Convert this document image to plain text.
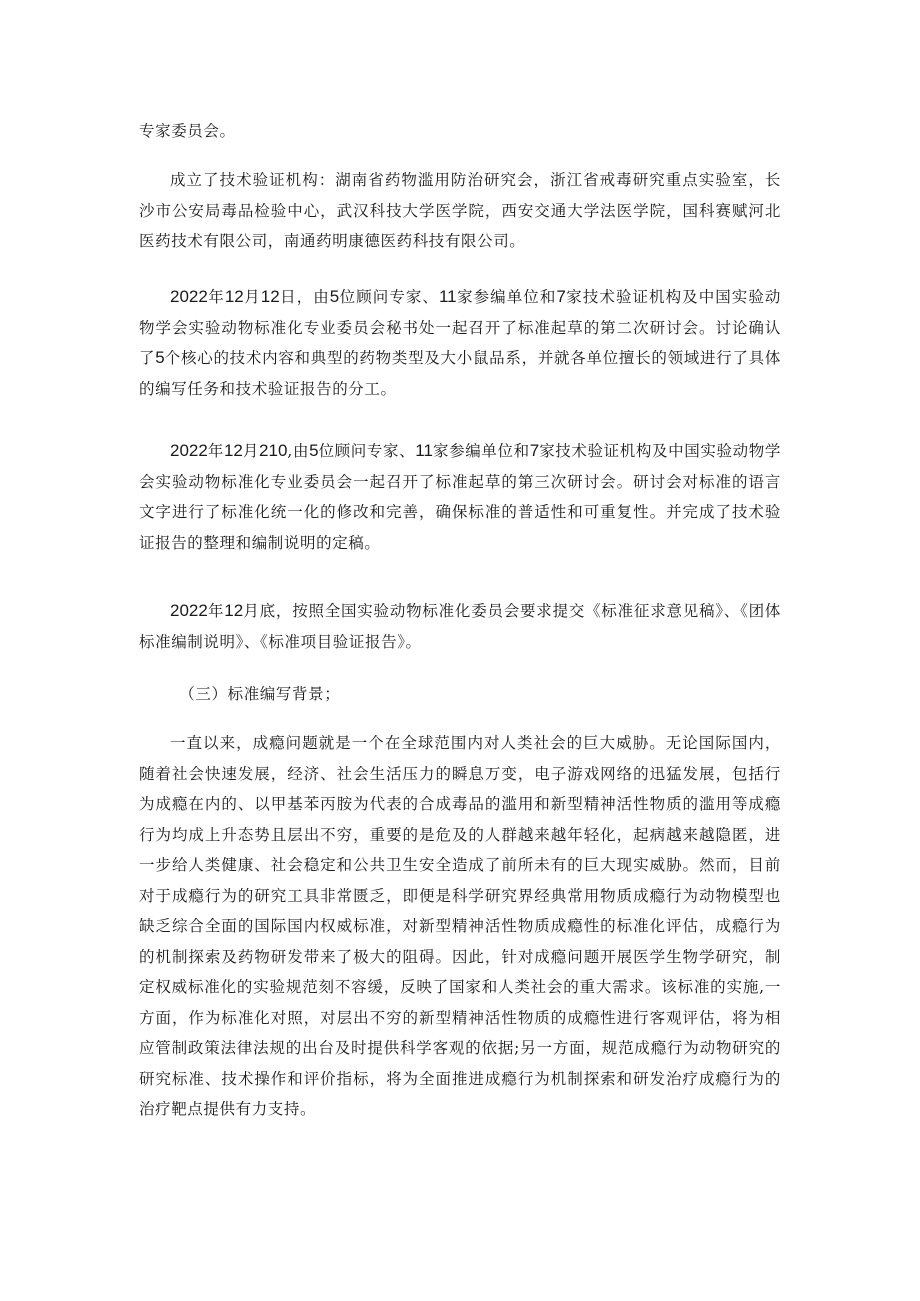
专家委员会。

成立了技术验证机构：湖南省药物滥用防治研究会，浙江省戒毒研究重点实验室，长沙市公安局毒品检验中心，武汉科技大学医学院，西安交通大学法医学院，国科赛赋河北医药技术有限公司，南通药明康德医药科技有限公司。

2022年12月12日，由5位顾问专家、11家参编单位和7家技术验证机构及中国实验动物学会实验动物标准化专业委员会秘书处一起召开了标准起草的第二次研讨会。讨论确认了5个核心的技术内容和典型的药物类型及大小鼠品系，并就各单位擅长的领域进行了具体的编写任务和技术验证报告的分工。

2022年12月210,由5位顾问专家、11家参编单位和7家技术验证机构及中国实验动物学会实验动物标准化专业委员会一起召开了标准起草的第三次研讨会。研讨会对标准的语言文字进行了标准化统一化的修改和完善，确保标准的普适性和可重复性。并完成了技术验证报告的整理和编制说明的定稿。

2022年12月底，按照全国实验动物标准化委员会要求提交《标准征求意见稿》、《团体标准编制说明》、《标准项目验证报告》。

（三）标准编写背景；

一直以来，成瘾问题就是一个在全球范围内对人类社会的巨大威胁。无论国际国内，随着社会快速发展，经济、社会生活压力的瞬息万变，电子游戏网络的迅猛发展，包括行为成瘾在内的、以甲基苯丙胺为代表的合成毒品的滥用和新型精神活性物质的滥用等成瘾行为均成上升态势且层出不穷，重要的是危及的人群越来越年轻化，起病越来越隐匿，进一步给人类健康、社会稳定和公共卫生安全造成了前所未有的巨大现实威胁。然而，目前对于成瘾行为的研究工具非常匮乏，即便是科学研究界经典常用物质成瘾行为动物模型也缺乏综合全面的国际国内权威标准，对新型精神活性物质成瘾性的标准化评估，成瘾行为的机制探索及药物研发带来了极大的阻碍。因此，针对成瘾问题开展医学生物学研究，制定权威标准化的实验规范刻不容缓，反映了国家和人类社会的重大需求。该标准的实施,一方面，作为标准化对照，对层出不穷的新型精神活性物质的成瘾性进行客观评估，将为相应管制政策法律法规的出台及时提供科学客观的依据;另一方面，规范成瘾行为动物研究的研究标准、技术操作和评价指标，将为全面推进成瘾行为机制探索和研发治疗成瘾行为的治疗靶点提供有力支持。
